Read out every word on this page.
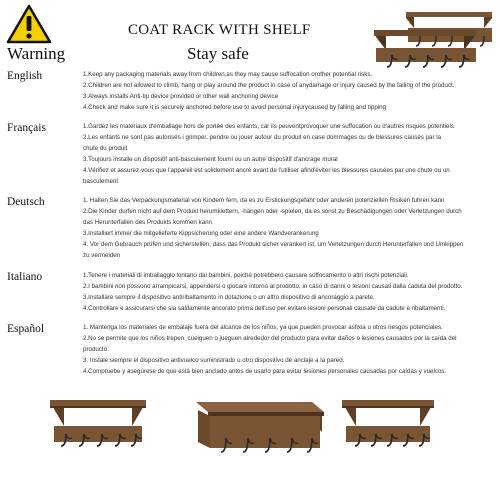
Warning
COAT RACK WITH SHELF
Stay safe
English	1.Keep any packaging materials away from children,as they may cause suffocation orother potential risks.

2.Children are not allowed to climb, hang or play around the product in case of anydamage or injury caused by the falling of the product.

3.Always installs Anti-tip device provided or other wall anchoring device

4.Check and make sure it is securely anchored before use to avoid personal injurycaused by falling and tipping

Français	1.Gardez les matériaux d'emballage hors de portée des enfants, car ils peuventprovoquer une suffocation ou d'autres risques potentiels

2.Les enfants ne sont pas autorisés i grimper, pendre ou jouer autour du produit en case dommages ou de blessures causés par la

chute du produit

3.Toujours installe un dispositif anti-basculement fourni ou un autre dispositif d'ancrage mural

4.Vérifiez et assurez-vous que l'appareil est solidement ancré avant de l'utiliser afind'éviter les blessures causées par une chute ou un

basculement

Deutsch	1. Halten Sie das Verpackungsmaterial von Kindern fern, da es zu Erstickungsgefahr oder anderen potenziellen Risiken fuhren kann

2.Die Kinder durfen nicht auf dem Produkt herumklettern, -hängen oder -spielen, da es sonst zu Beschädigungen oder Verletzungen durch

das Herunterfallen des Produkts kommen kann

3.Installiert immer die mitgelieferte Kippsicherung oder eine andere Wandverankerung

4. Vor dem Gebrauch prüfen und sicherstellen, dass das Produkt sicher verankert ist, um Verletzungen durch Herunterfallen und Umkippen

zu vermeiden

Italiano	1.Tenere i materiali di imballaggio lontano dai bambini, poiché potrebbero causare soffocamento o altri rischi potenziali.

2.I bambini non possono arrampicarsi, appendersi o giocare intorno al prodotto, in caso di danni o lesioni causati dalla caduta del prodotto.

3.Installare sempre il dispositivo antiribaltamento in dotazione o un altro dispositivo di ancoraggio a parete.

4.Controllare e assicurarsi che sia saldamente ancorato prima dell'uso per evitare lesioni personali causate da cadute e ribaltamenti.

Español	1. Mantenga los materiales de embalaje fuera del alcance de los niños, ya que pueden provocar asfixia u otros riesgos potenciales.

2.No se permite que los niños trepen, cuelguen o jueguen alrededor del producto para evitar daños o lesiones causados por la caída del

producto.

3. Instale siempre el dispositivo antivuelco suministrado u otro dispositivo de anclaje a la pared.

4.Compruebe y asegúrese de que está bien anclado antes de usarlo para evitar lesiones personales causadas por caídas y vuelcos.
